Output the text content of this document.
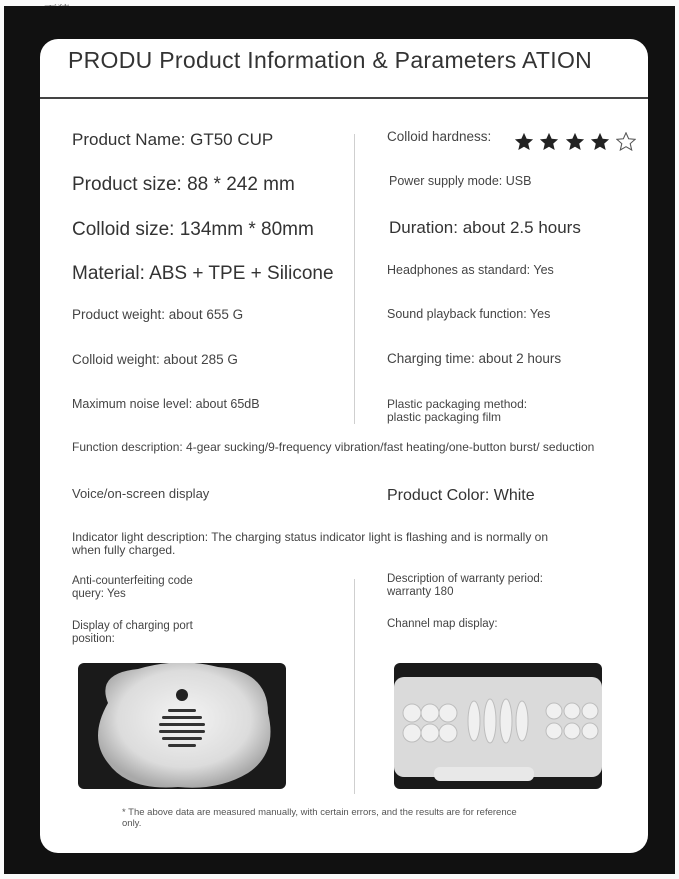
PRODU Product Information & Parameters ATION
Product Name: GT50 CUP
Product size: 88 * 242 mm
Colloid size: 134mm * 80mm
Material: ABS + TPE + Silicone
Product weight: about 655 G
Colloid weight: about 285 G
Maximum noise level: about 65dB
Colloid hardness:

Power supply mode: USB
Duration: about 2.5 hours
Headphones as standard: Yes
Sound playback function: Yes
Charging time: about 2 hours
Plastic packaging method: plastic packaging film
Function description: 4-gear sucking/9-frequency vibration/fast heating/one-button burst/ seduction
Voice/on-screen display	Product Color: White
Indicator light description: The charging status indicator light is flashing and is normally on when fully charged.
Anti-counterfeiting code query: Yes
Description of warranty period: warranty 180
Display of charging port position:
Channel map display:
* The above data are measured manually, with certain errors, and the results are for reference only.
